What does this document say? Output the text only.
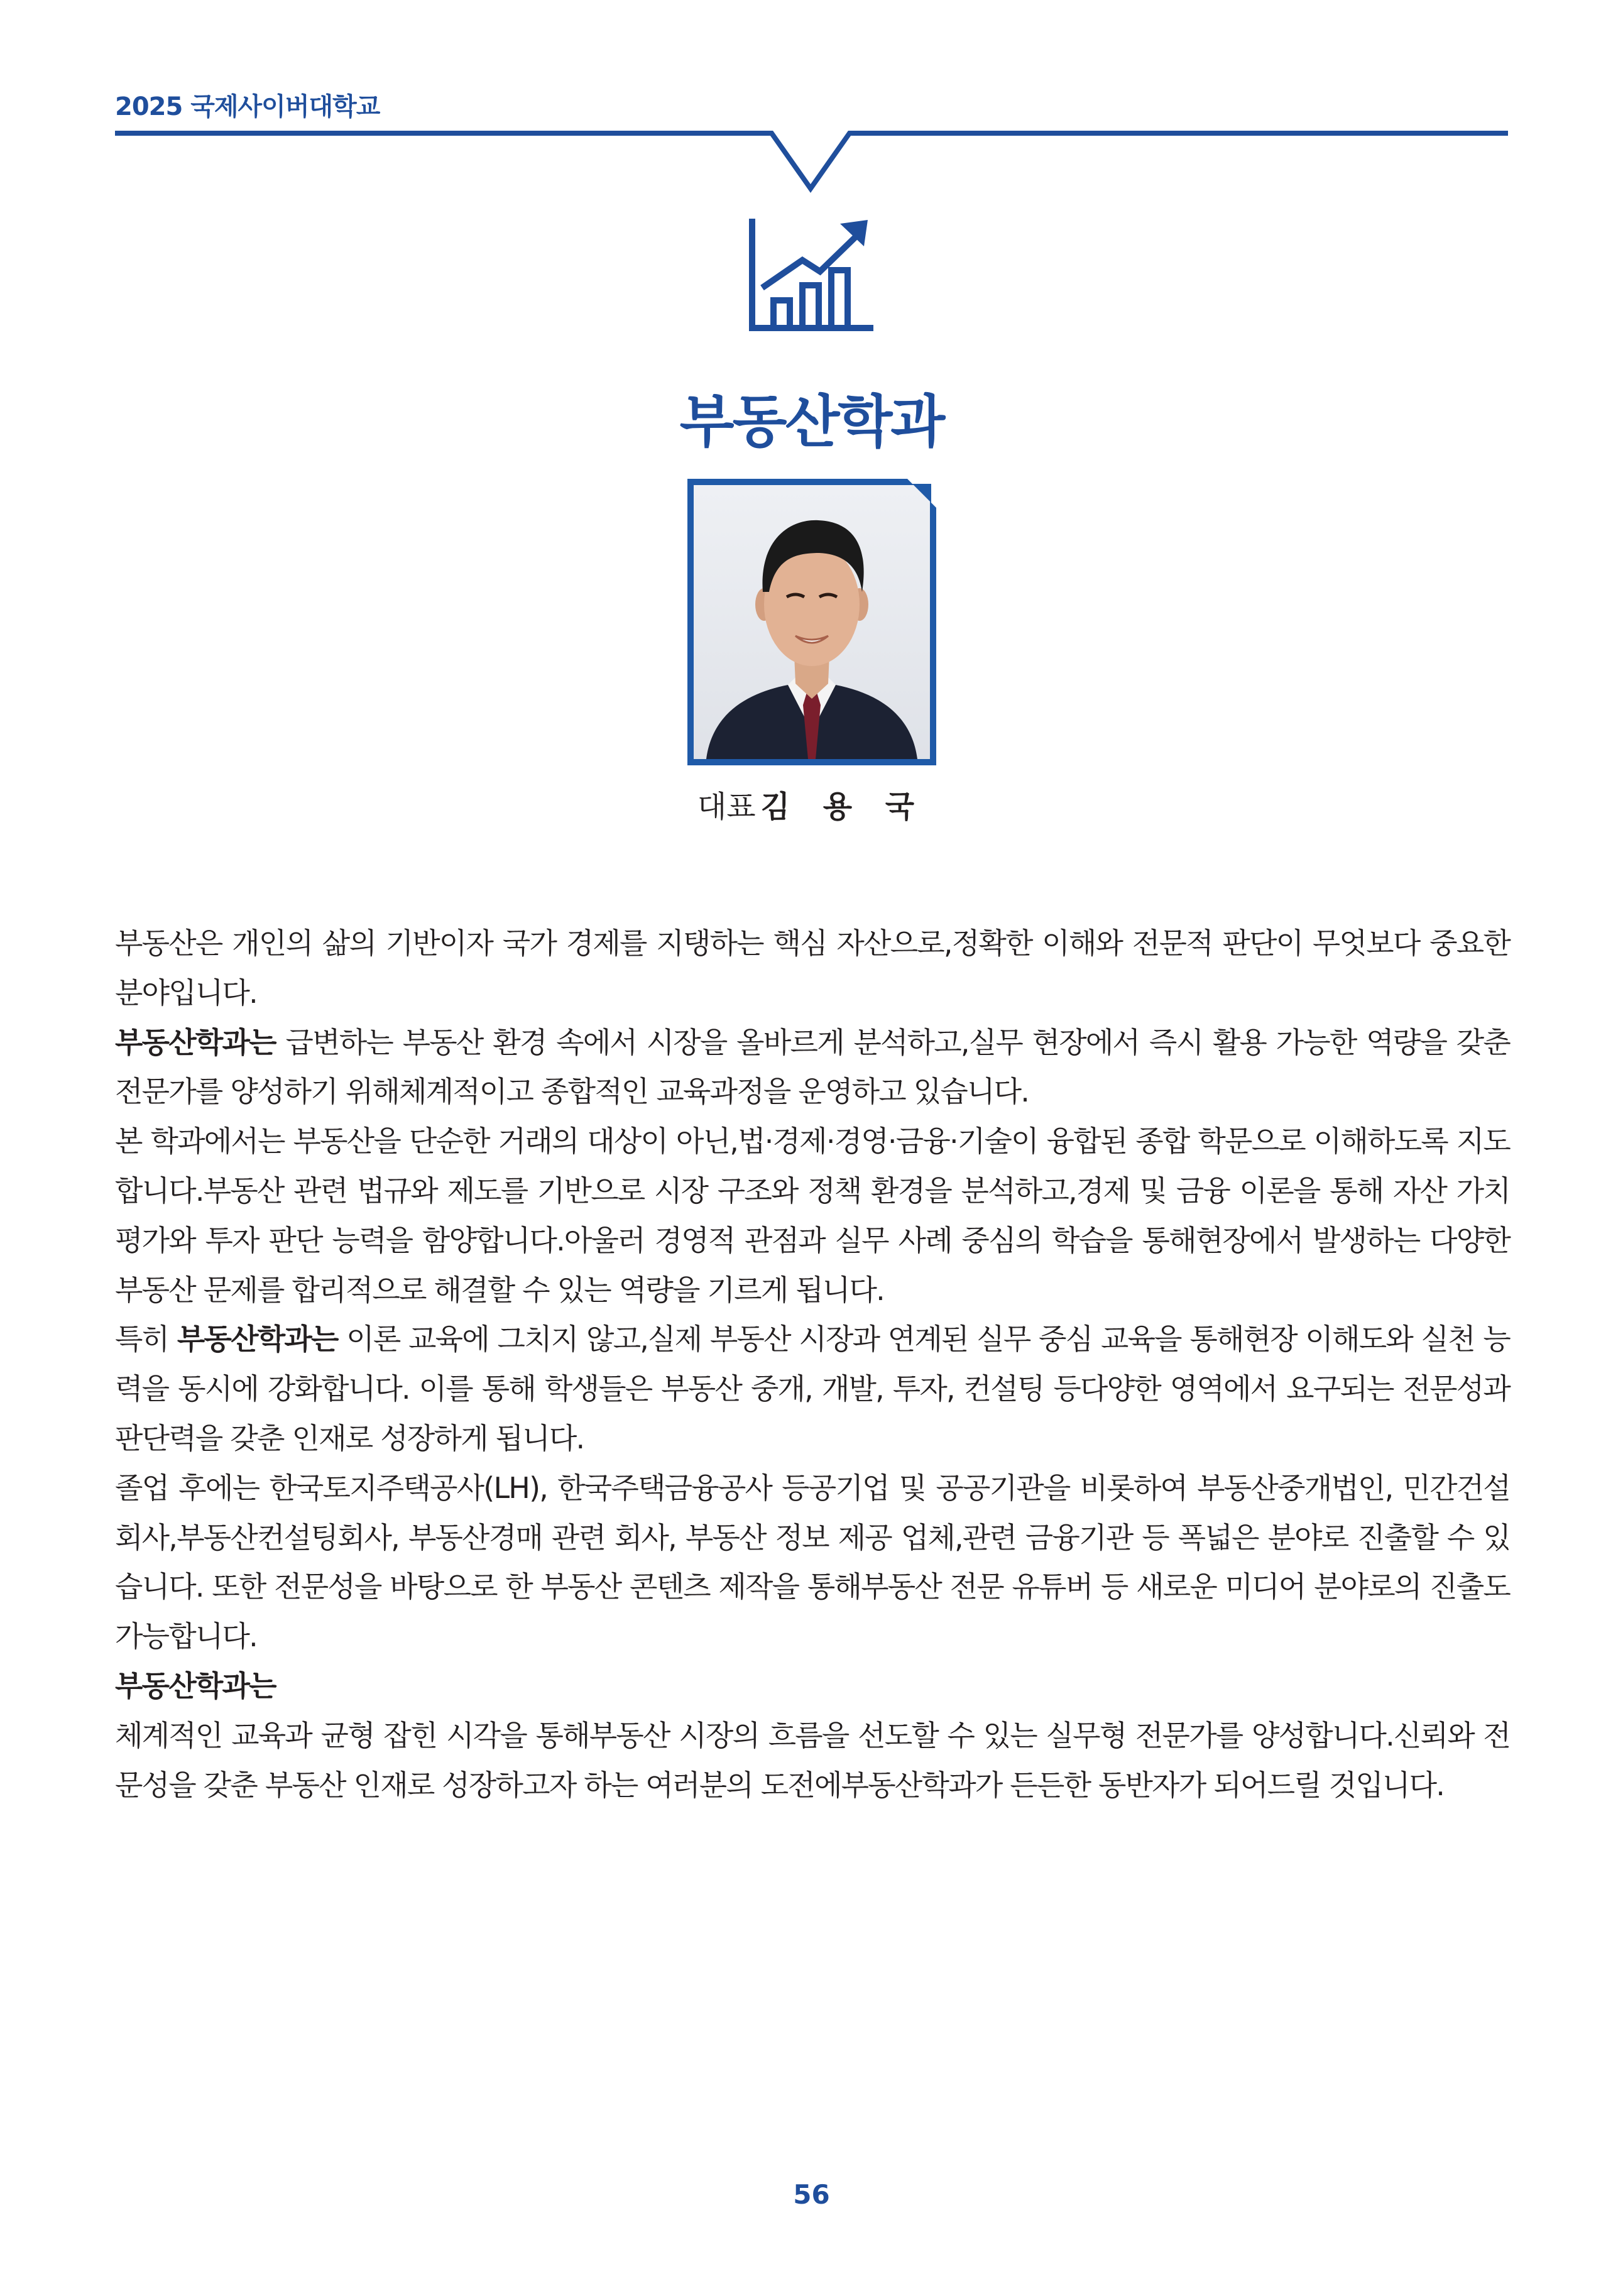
2025 국제사이버대학교
부동산학과
대표 김 용 국

부동산은 개인의 삶의 기반이자 국가 경제를 지탱하는 핵심 자산으로,정확한 이해와 전문적 판단이 무엇보다 중요한 분야입니다.

부동산학과는 급변하는 부동산 환경 속에서 시장을 올바르게 분석하고,실무 현장에서 즉시 활용 가능한 역량을 갖춘 전문가를 양성하기 위해체계적이고 종합적인 교육과정을 운영하고 있습니다.

본 학과에서는 부동산을 단순한 거래의 대상이 아닌,법·경제·경영·금융·기술이 융합된 종합 학문으로 이해하도록 지도합니다.부동산 관련 법규와 제도를 기반으로 시장 구조와 정책 환경을 분석하고,경제 및 금융 이론을 통해 자산 가치 평가와 투자 판단 능력을 함양합니다.아울러 경영적 관점과 실무 사례 중심의 학습을 통해현장에서 발생하는 다양한 부동산 문제를 합리적으로 해결할 수 있는 역량을 기르게 됩니다.

특히 부동산학과는 이론 교육에 그치지 않고,실제 부동산 시장과 연계된 실무 중심 교육을 통해현장 이해도와 실천 능력을 동시에 강화합니다. 이를 통해 학생들은 부동산 중개, 개발, 투자, 컨설팅 등다양한 영역에서 요구되는 전문성과 판단력을 갖춘 인재로 성장하게 됩니다.

졸업 후에는 한국토지주택공사(LH), 한국주택금융공사 등공기업 및 공공기관을 비롯하여 부동산중개법인, 민간건설회사,부동산컨설팅회사, 부동산경매 관련 회사, 부동산 정보 제공 업체,관련 금융기관 등 폭넓은 분야로 진출할 수 있습니다. 또한 전문성을 바탕으로 한 부동산 콘텐츠 제작을 통해부동산 전문 유튜버 등 새로운 미디어 분야로의 진출도 가능합니다.

부동산학과는

체계적인 교육과 균형 잡힌 시각을 통해부동산 시장의 흐름을 선도할 수 있는 실무형 전문가를 양성합니다.신뢰와 전문성을 갖춘 부동산 인재로 성장하고자 하는 여러분의 도전에부동산학과가 든든한 동반자가 되어드릴 것입니다.

56
